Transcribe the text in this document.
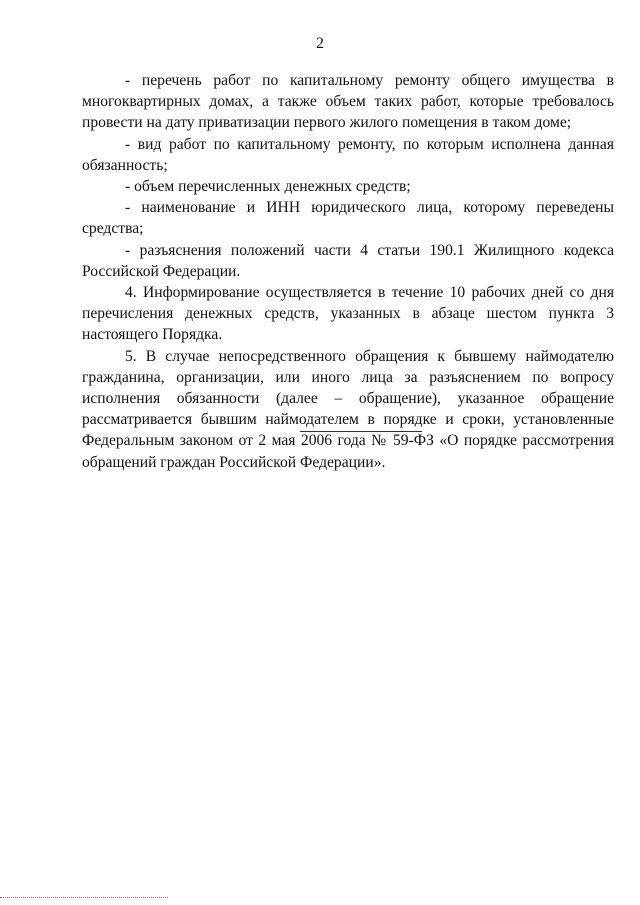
2

- перечень работ по капитальному ремонту общего имущества в многоквартирных домах, а также объем таких работ, которые требовалось провести на дату приватизации первого жилого помещения в таком доме;

- вид работ по капитальному ремонту, по которым исполнена данная обязанность;

- объем перечисленных денежных средств;

- наименование и ИНН юридического лица, которому переведены средства;

- разъяснения положений части 4 статьи 190.1 Жилищного кодекса Российской Федерации.

4. Информирование осуществляется в течение 10 рабочих дней со дня перечисления денежных средств, указанных в абзаце шестом пункта 3 настоящего Порядка.

5. В случае непосредственного обращения к бывшему наймодателю гражданина, организации, или иного лица за разъяснением по вопросу исполнения обязанности (далее – обращение), указанное обращение рассматривается бывшим наймодателем в порядке и сроки, установленные Федеральным законом от 2 мая 2006 года № 59-ФЗ «О порядке рассмотрения обращений граждан Российской Федерации».
